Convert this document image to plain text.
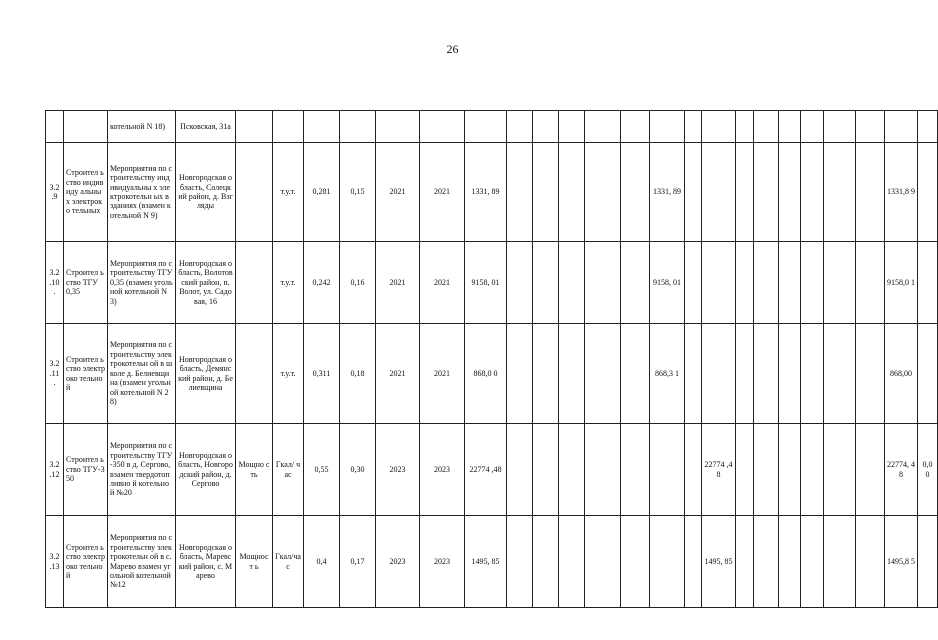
26
		котельной N 18)	Псковская, 31а																							
3.2 .9	Строител ьство индивиду альных электроко тельных	Мероприятия по строительству индивидуальны х электрокотельн ых в зданиях (взамен котельной N 9)	Новгородская область, Солецкий район, д. Взгляды		т.у.т.	0,281	0,15	2021	2021	1331, 89						1331, 89									1331,8 9	
3.2 .10 .	Строител ьство ТГУ 0,35	Мероприятия по строительству ТГУ 0,35 (взамен угольной котельной N 3)	Новгородская область, Волотовский район, п. Волот, ул. Садовая, 16		т.у.т.	0,242	0,16	2021	2021	9158, 01						9158, 01									9158,0 1	
3.2 .11 .	Строител ьство электроко тельной	Мероприятия по строительству электрокотельн ой в школе д. Белиевщина (взамен угольной котельной N 28)	Новгородская область, Демянский район, д. Белиевщина		т.у.т.	0,311	0,18	2021	2021	868,0 0						868,3 1									868,00	
3.2 .12	Строител ьство ТГУ-350	Мероприятия по строительству ТГУ-350 в д. Сергово, взамен твердотопливно й котельной №20	Новгородская область, Новгородский район, д. Сергово	Мощно сть	Гкал/ час	0,55	0,30	2023	2023	22774 ,48								22774 ,48							22774, 48	0,0 0
3.2 .13	Строител ьство электроко тельной	Мероприятия по строительству электрокотельн ой в с.Марево взамен угольной котельной №12	Новгородская область, Маревский район, с. Марево	Мощност ь	Гкал/ча с	0,4	0,17	2023	2023	1495, 85								1495, 85							1495,8 5	
